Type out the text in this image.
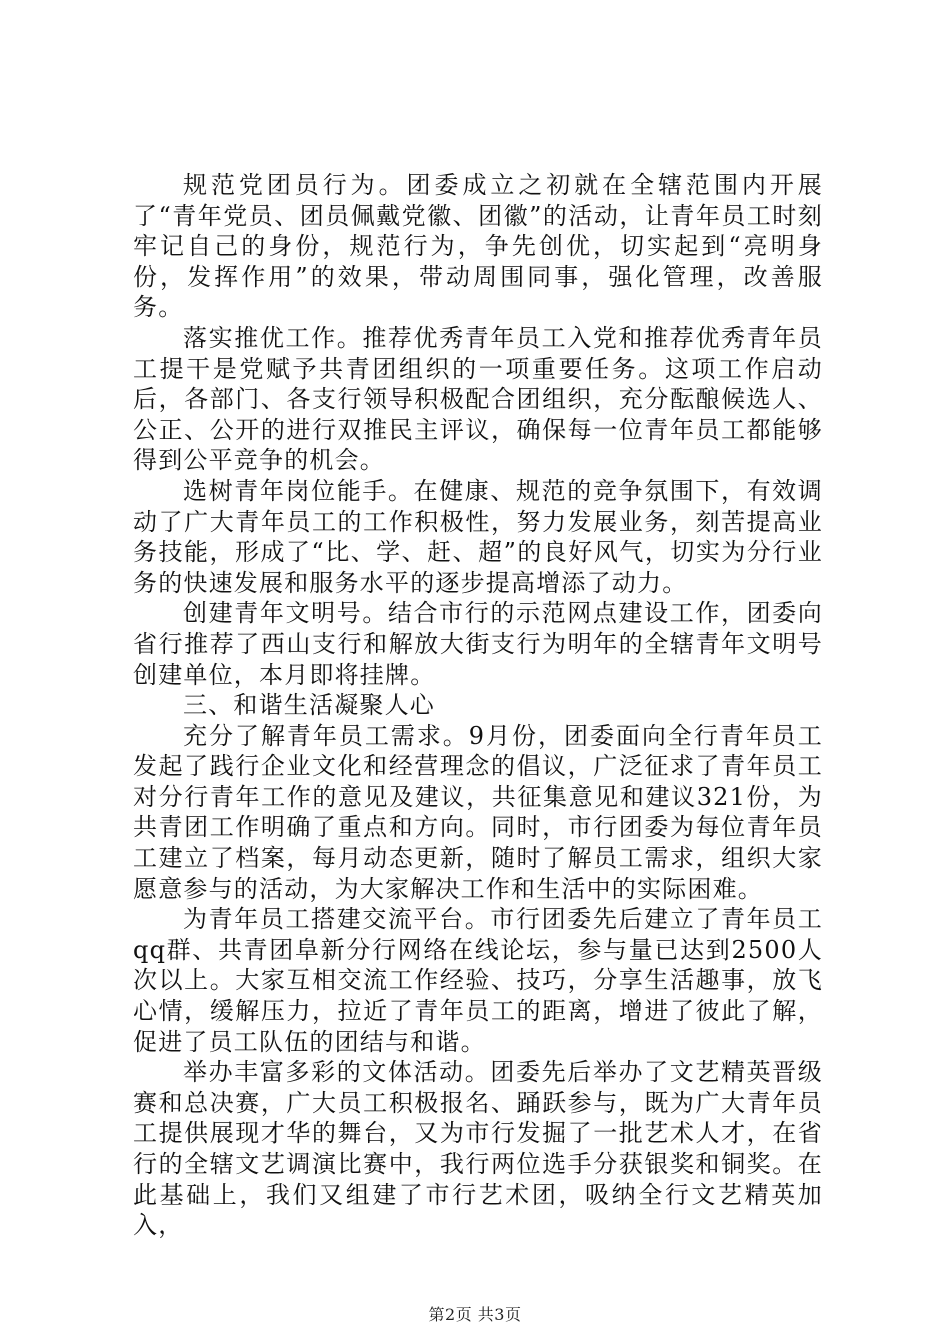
规范党团员行为。团委成立之初就在全辖范围内开展了“青年党员、团员佩戴党徽、团徽”的活动，让青年员工时刻牢记自己的身份，规范行为，争先创优，切实起到“亮明身份，发挥作用”的效果，带动周围同事，强化管理，改善服务。

落实推优工作。推荐优秀青年员工入党和推荐优秀青年员工提干是党赋予共青团组织的一项重要任务。这项工作启动后，各部门、各支行领导积极配合团组织，充分酝酿候选人、公正、公开的进行双推民主评议，确保每一位青年员工都能够得到公平竞争的机会。

选树青年岗位能手。在健康、规范的竞争氛围下，有效调动了广大青年员工的工作积极性，努力发展业务，刻苦提高业务技能，形成了“比、学、赶、超”的良好风气，切实为分行业务的快速发展和服务水平的逐步提高增添了动力。

创建青年文明号。结合市行的示范网点建设工作，团委向省行推荐了西山支行和解放大街支行为明年的全辖青年文明号创建单位，本月即将挂牌。

三、和谐生活凝聚人心

充分了解青年员工需求。9月份，团委面向全行青年员工发起了践行企业文化和经营理念的倡议，广泛征求了青年员工对分行青年工作的意见及建议，共征集意见和建议321份，为共青团工作明确了重点和方向。同时，市行团委为每位青年员工建立了档案，每月动态更新，随时了解员工需求，组织大家愿意参与的活动，为大家解决工作和生活中的实际困难。

为青年员工搭建交流平台。市行团委先后建立了青年员工qq群、共青团阜新分行网络在线论坛，参与量已达到2500人次以上。大家互相交流工作经验、技巧，分享生活趣事，放飞心情，缓解压力，拉近了青年员工的距离，增进了彼此了解，促进了员工队伍的团结与和谐。

举办丰富多彩的文体活动。团委先后举办了文艺精英晋级赛和总决赛，广大员工积极报名、踊跃参与，既为广大青年员工提供展现才华的舞台，又为市行发掘了一批艺术人才，在省行的全辖文艺调演比赛中，我行两位选手分获银奖和铜奖。在此基础上，我们又组建了市行艺术团，吸纳全行文艺精英加入，

第2页 共3页
